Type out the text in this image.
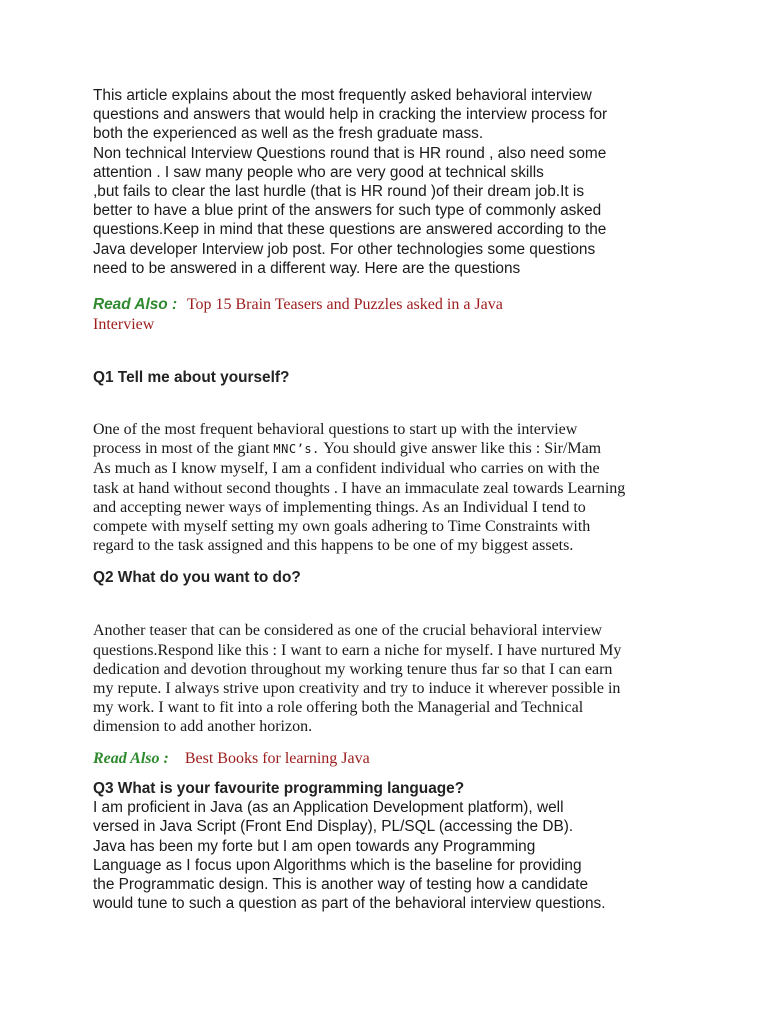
This article explains about the most frequently asked behavioral interview
questions and answers that would help in cracking the interview process for
both the experienced as well as the fresh graduate mass.
Non technical Interview Questions round that is HR round , also need some
attention . I saw many people who are very good at technical skills
,but fails to clear the last hurdle (that is HR round )of their dream job.It is
better to have a blue print of the answers for such type of commonly asked
questions.Keep in mind that these questions are answered according to the
Java developer Interview job post. For other technologies some questions
need to be answered in a different way. Here are the questions
Read Also : Top 15 Brain Teasers and Puzzles asked in a Java
Interview
Q1 Tell me about yourself?
One of the most frequent behavioral questions to start up with the interview
process in most of the giant MNC’s. You should give answer like this : Sir/Mam
As much as I know myself, I am a confident individual who carries on with the
task at hand without second thoughts . I have an immaculate zeal towards Learning
and accepting newer ways of implementing things. As an Individual I tend to
compete with myself setting my own goals adhering to Time Constraints with
regard to the task assigned and this happens to be one of my biggest assets.
Q2 What do you want to do?
Another teaser that can be considered as one of the crucial behavioral interview
questions.Respond like this : I want to earn a niche for myself. I have nurtured My
dedication and devotion throughout my working tenure thus far so that I can earn
my repute. I always strive upon creativity and try to induce it wherever possible in
my work. I want to fit into a role offering both the Managerial and Technical
dimension to add another horizon.
Read Also : Best Books for learning Java
Q3 What is your favourite programming language?
I am proficient in Java (as an Application Development platform), well
versed in Java Script (Front End Display), PL/SQL (accessing the DB).
Java has been my forte but I am open towards any Programming
Language as I focus upon Algorithms which is the baseline for providing
the Programmatic design. This is another way of testing how a candidate
would tune to such a question as part of the behavioral interview questions.
